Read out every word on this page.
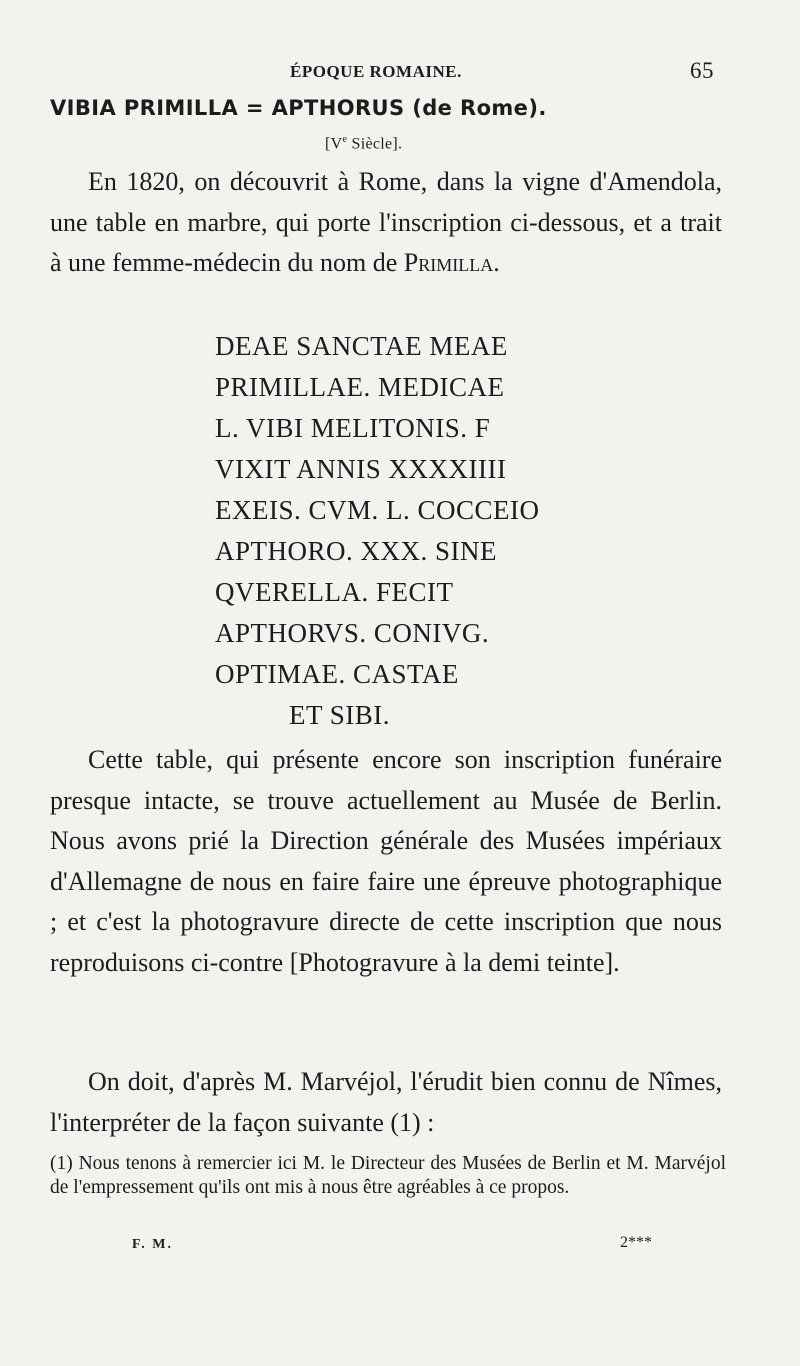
ÉPOQUE ROMAINE.	65
VIBIA PRIMILLA = APTHORUS (de Rome).
[Ve Siècle].

En 1820, on découvrit à Rome, dans la vigne d'Amendola, une table en marbre, qui porte l'inscription ci-dessous, et a trait à une femme-médecin du nom de Primilla.

DEAE SANCTAE MEAE
PRIMILLAE. MEDICAE
L. VIBI MELITONIS. F
VIXIT ANNIS XXXXIIII
EXEIS. CVM. L. COCCEIO
APTHORO. XXX. SINE
QVERELLA. FECIT
APTHORVS. CONIVG.
OPTIMAE. CASTAE
ET SIBI.

Cette table, qui présente encore son inscription funéraire presque intacte, se trouve actuellement au Musée de Berlin. Nous avons prié la Direction générale des Musées impériaux d'Allemagne de nous en faire faire une épreuve photographique ; et c'est la photogravure directe de cette inscription que nous reproduisons ci-contre [Photogravure à la demi teinte].

On doit, d'après M. Marvéjol, l'érudit bien connu de Nîmes, l'interpréter de la façon suivante (1) :

(1) Nous tenons à remercier ici M. le Directeur des Musées de Berlin et M. Marvéjol de l'empressement qu'ils ont mis à nous être agréables à ce propos.
F. M.	2***
